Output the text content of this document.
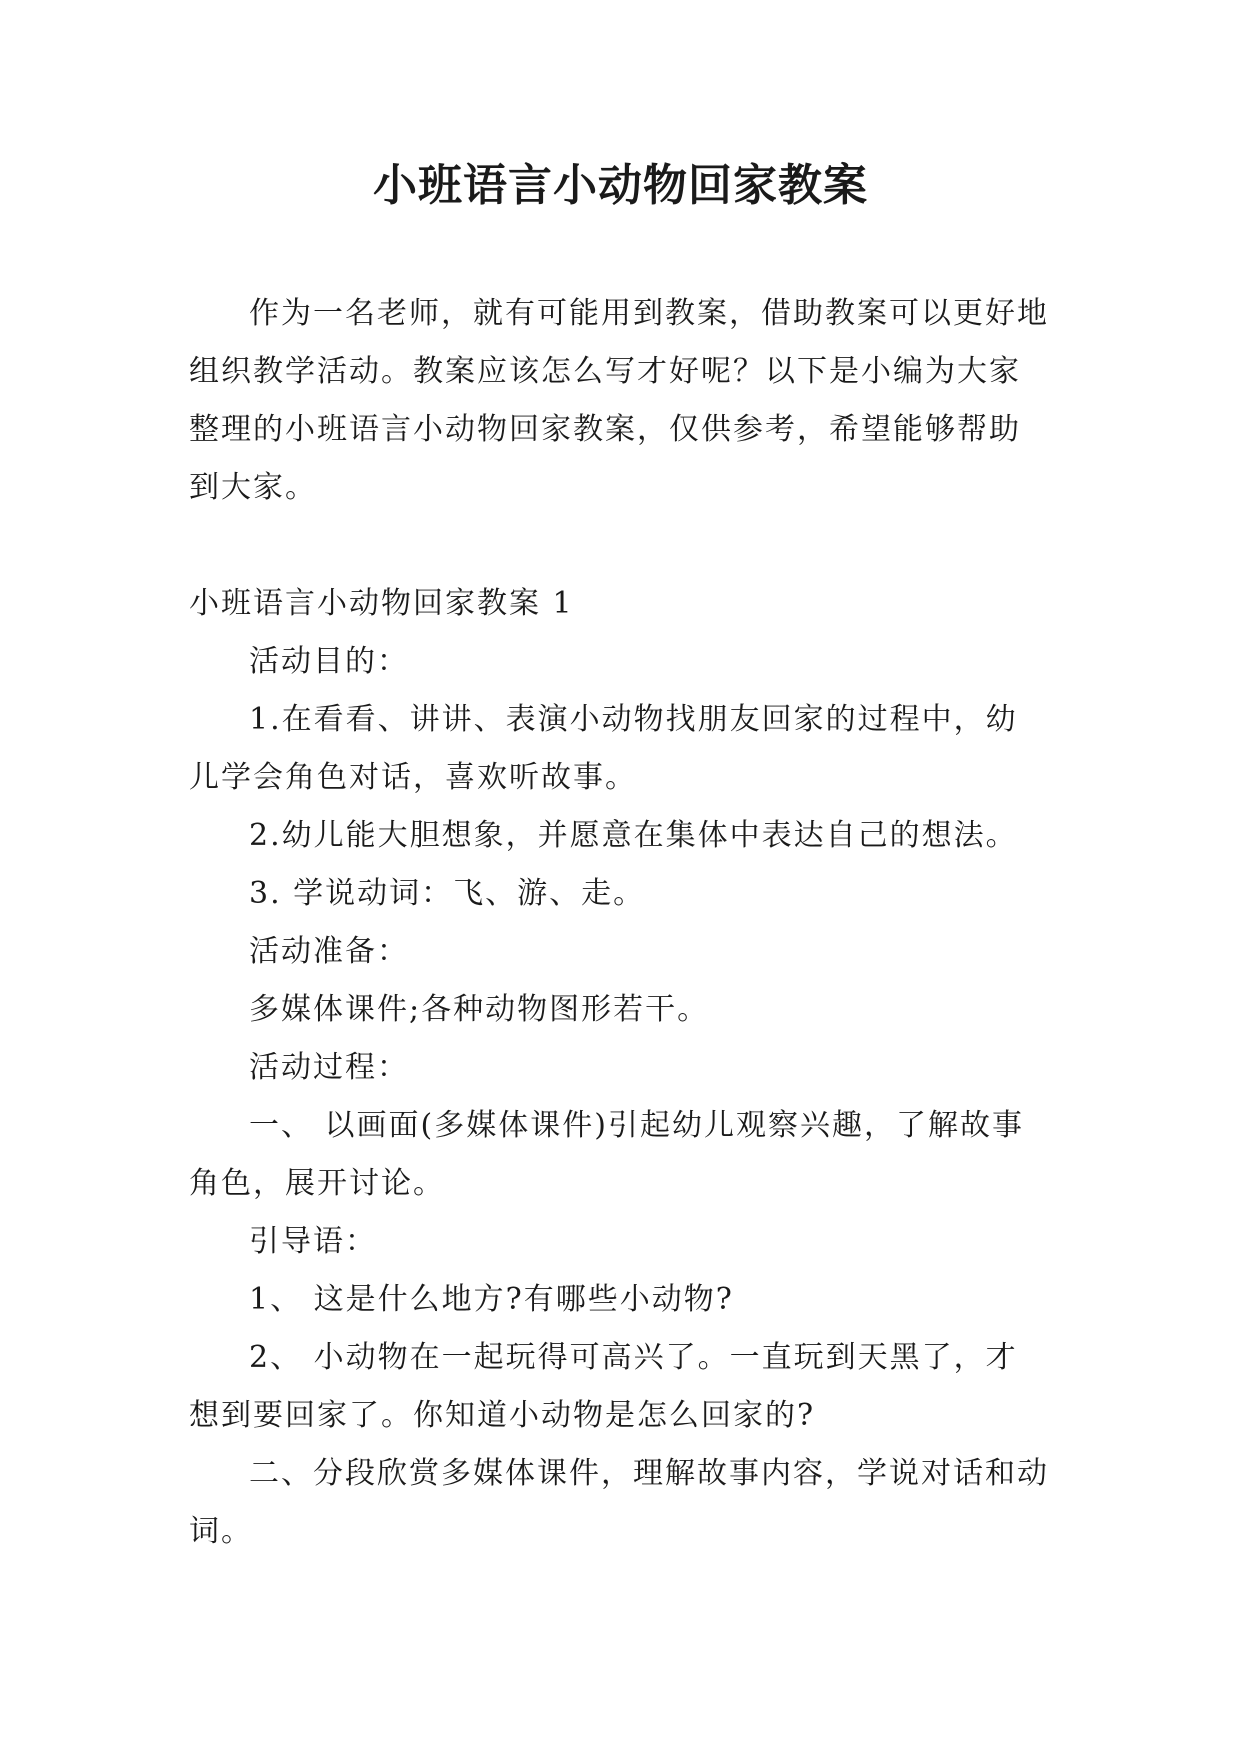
小班语言小动物回家教案

作为一名老师，就有可能用到教案，借助教案可以更好地组织教学活动。教案应该怎么写才好呢？以下是小编为大家整理的小班语言小动物回家教案，仅供参考，希望能够帮助到大家。

小班语言小动物回家教案 1

活动目的：

1.在看看、讲讲、表演小动物找朋友回家的过程中，幼儿学会角色对话，喜欢听故事。

2.幼儿能大胆想象，并愿意在集体中表达自己的想法。

3. 学说动词：飞、游、走。

活动准备：

多媒体课件;各种动物图形若干。

活动过程：

一、 以画面(多媒体课件)引起幼儿观察兴趣，了解故事角色，展开讨论。

引导语：

1、 这是什么地方?有哪些小动物?

2、 小动物在一起玩得可高兴了。一直玩到天黑了，才想到要回家了。你知道小动物是怎么回家的?

二、分段欣赏多媒体课件，理解故事内容，学说对话和动词。
